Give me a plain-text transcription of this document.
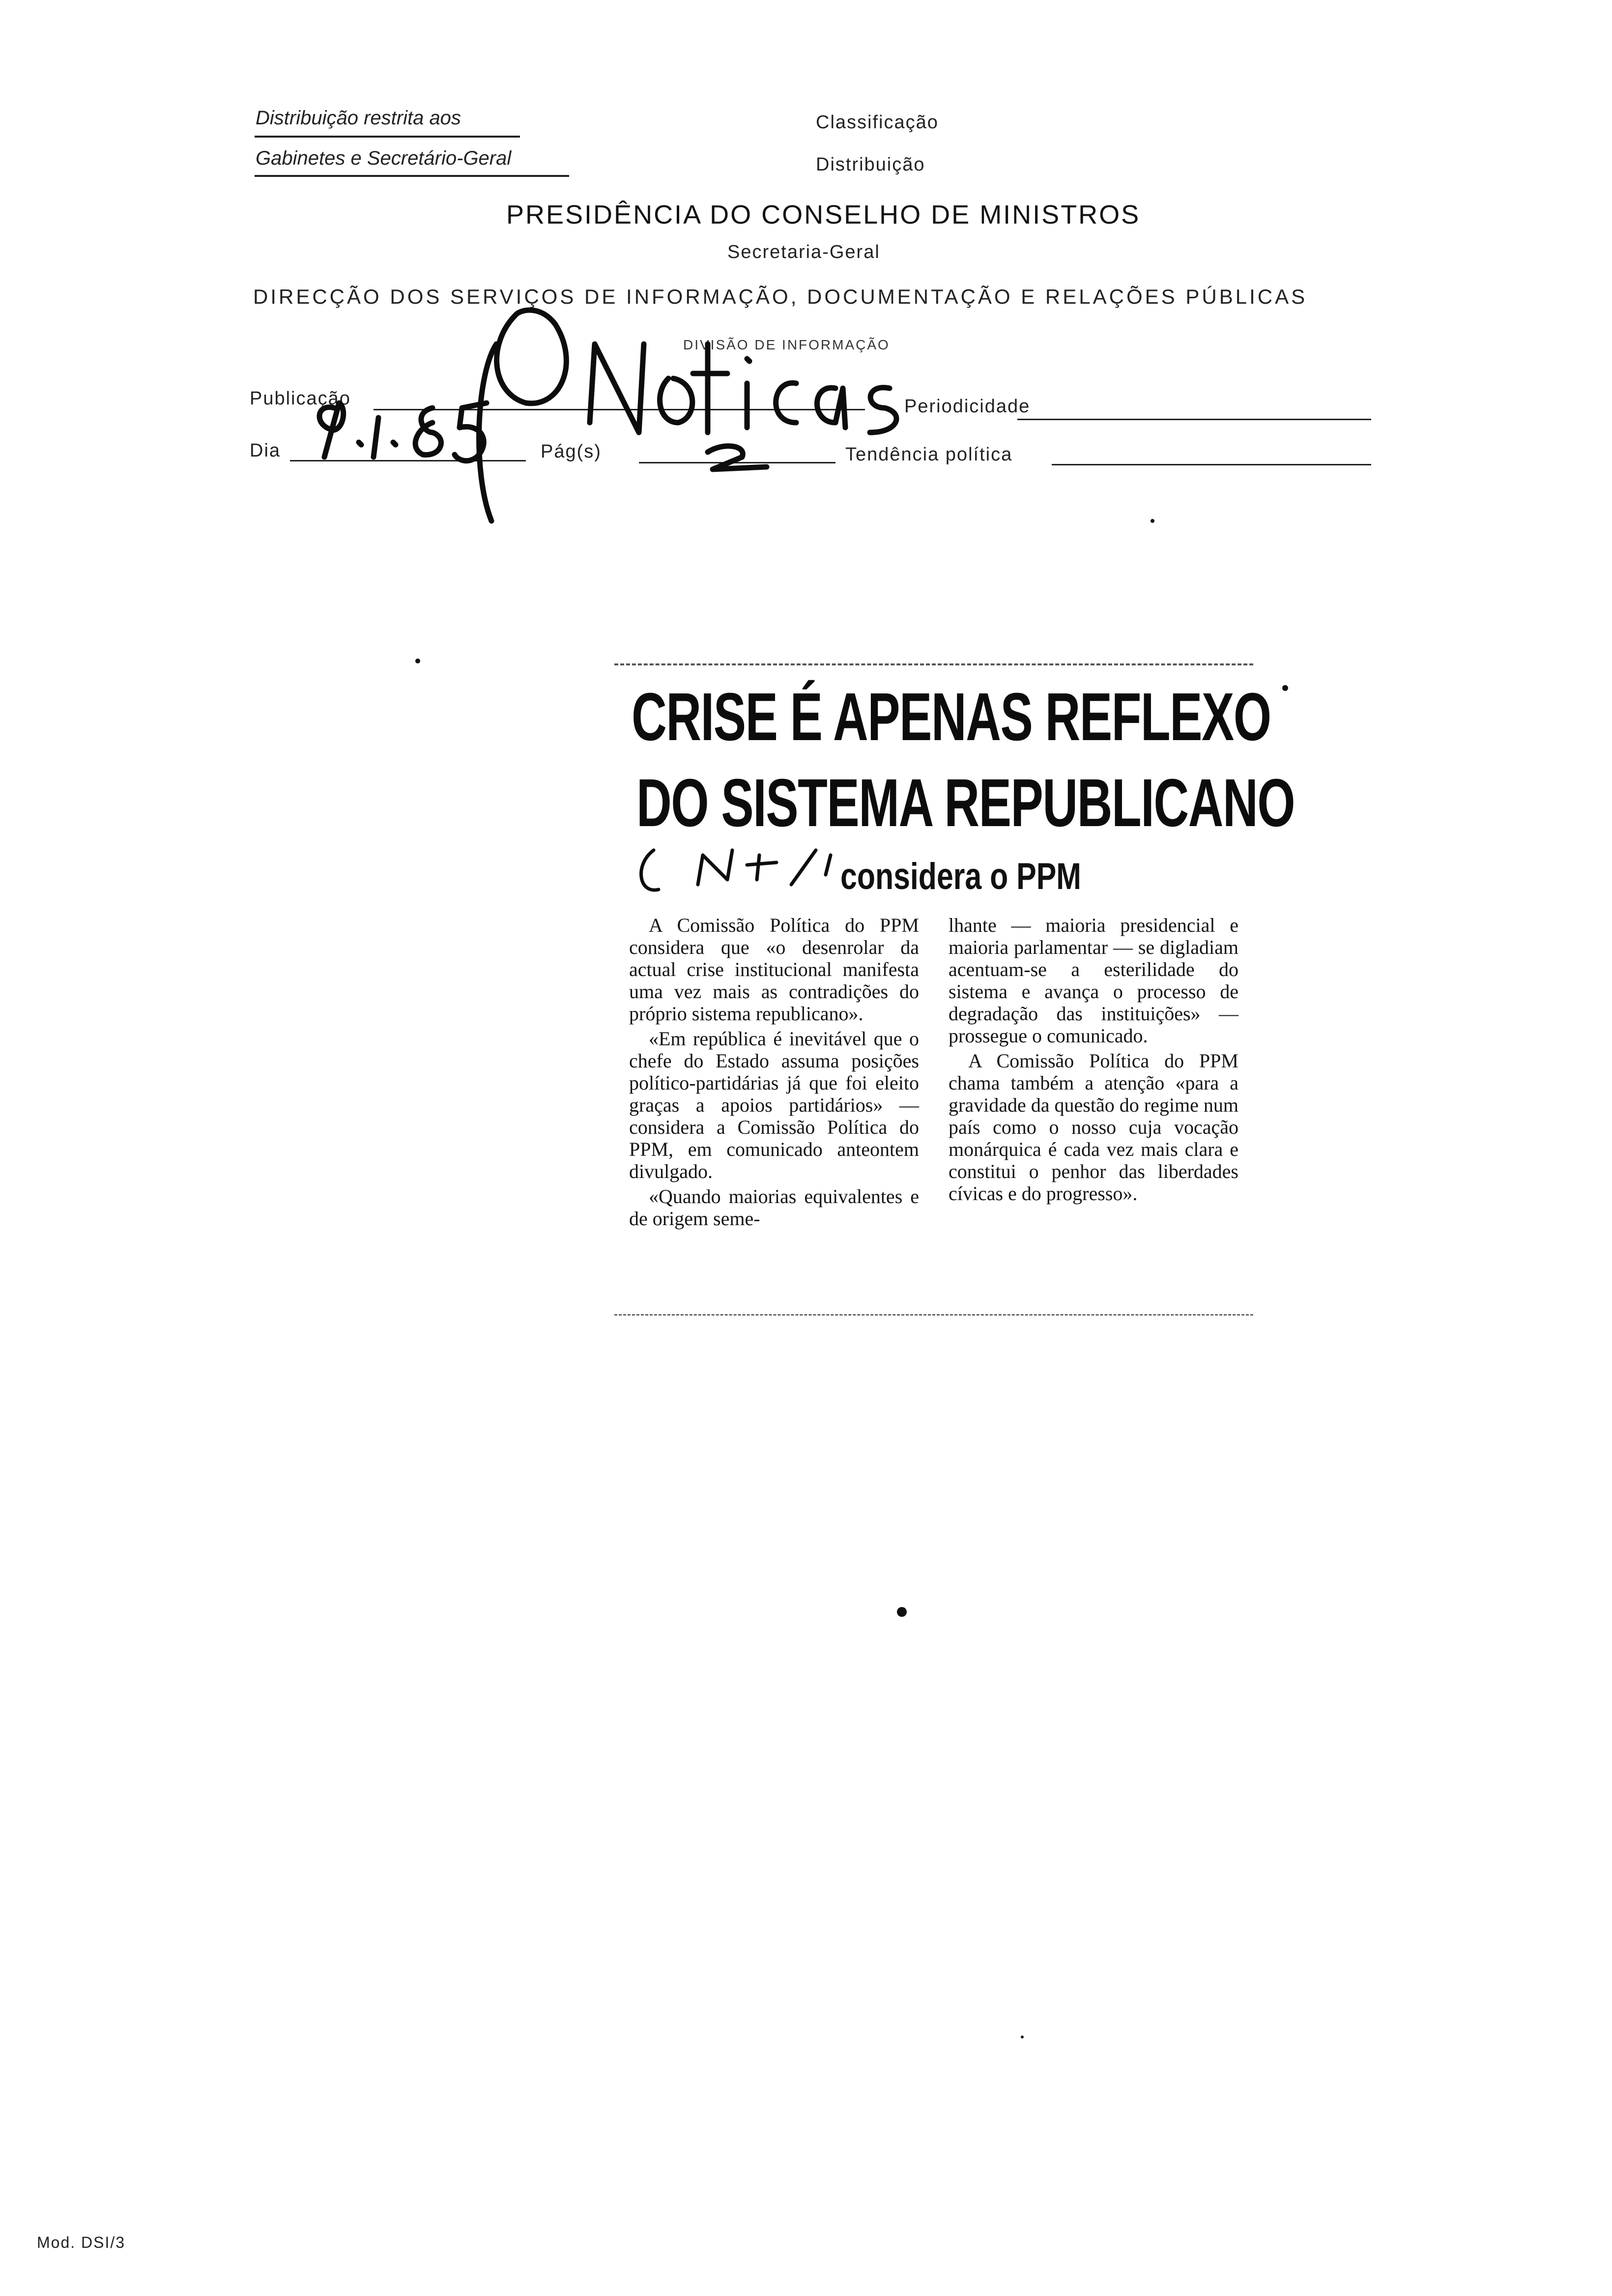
Distribuição restrita aos
Gabinetes e Secretário-Geral
Classificação
Distribuição
PRESIDÊNCIA DO CONSELHO DE MINISTROS
Secretaria-Geral
DIRECÇÃO DOS SERVIÇOS DE INFORMAÇÃO, DOCUMENTAÇÃO E RELAÇÕES PÚBLICAS
DIVISÃO DE INFORMAÇÃO
Publicação	Periodicidade
Dia	Pág(s)	Tendência política
CRISE É APENAS REFLEXO
DO SISTEMA REPUBLICANO
considera o PPM

A Comissão Política do PPM considera que «o desenrolar da actual crise institucional manifesta uma vez mais as contradições do próprio sistema republicano».

«Em república é inevitável que o chefe do Estado assuma posições político-partidárias já que foi eleito graças a apoios partidários» — considera a Comissão Política do PPM, em comunicado anteontem divulgado.

«Quando maiorias equivalentes e de origem seme-

lhante — maioria presidencial e maioria parlamentar — se digladiam acentuam-se a esterilidade do sistema e avança o processo de degradação das instituições» — prossegue o comunicado.

A Comissão Política do PPM chama também a atenção «para a gravidade da questão do regime num país como o nosso cuja vocação monárquica é cada vez mais clara e constitui o penhor das liberdades cívicas e do progresso».

Mod. DSI/3
